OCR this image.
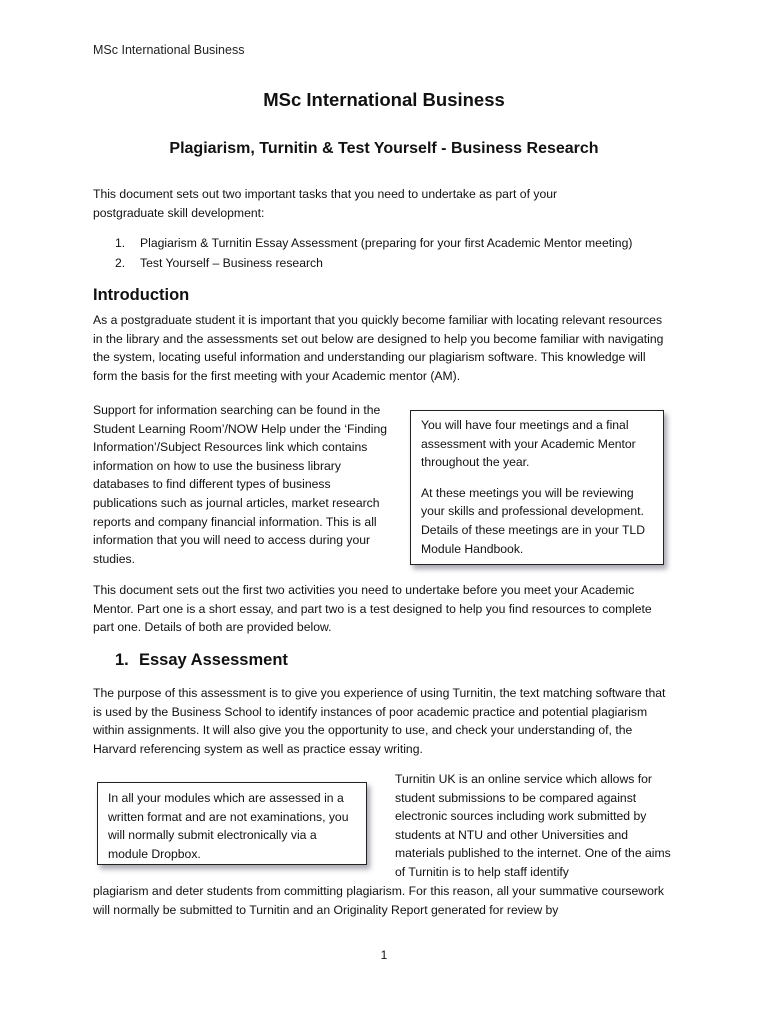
MSc International Business
MSc International Business
Plagiarism, Turnitin & Test Yourself - Business Research
This document sets out two important tasks that you need to undertake as part of your postgraduate skill development:
1.	Plagiarism & Turnitin Essay Assessment (preparing for your first Academic Mentor meeting)
2.	Test Yourself – Business research
Introduction
As a postgraduate student it is important that you quickly become familiar with locating relevant resources in the library and the assessments set out below are designed to help you become familiar with navigating the system, locating useful information and understanding our plagiarism software. This knowledge will form the basis for the first meeting with your Academic mentor (AM).
Support for information searching can be found in the Student Learning Room’/NOW Help under the ‘Finding Information’/Subject Resources link which contains information on how to use the business library databases to find different types of business publications such as journal articles, market research reports and company financial information. This is all information that you will need to access during your studies.

You will have four meetings and a final assessment with your Academic Mentor throughout the year.

At these meetings you will be reviewing your skills and professional development. Details of these meetings are in your TLD Module Handbook.

This document sets out the first two activities you need to undertake before you meet your Academic Mentor. Part one is a short essay, and part two is a test designed to help you find resources to complete part one. Details of both are provided below.
1. Essay Assessment
The purpose of this assessment is to give you experience of using Turnitin, the text matching software that is used by the Business School to identify instances of poor academic practice and potential plagiarism within assignments. It will also give you the opportunity to use, and check your understanding of, the Harvard referencing system as well as practice essay writing.

In all your modules which are assessed in a written format and are not examinations, you will normally submit electronically via a module Dropbox.

Turnitin UK is an online service which allows for student submissions to be compared against electronic sources including work submitted by students at NTU and other Universities and materials published to the internet. One of the aims of Turnitin is to help staff identify
plagiarism and deter students from committing plagiarism. For this reason, all your summative coursework will normally be submitted to Turnitin and an Originality Report generated for review by
1
